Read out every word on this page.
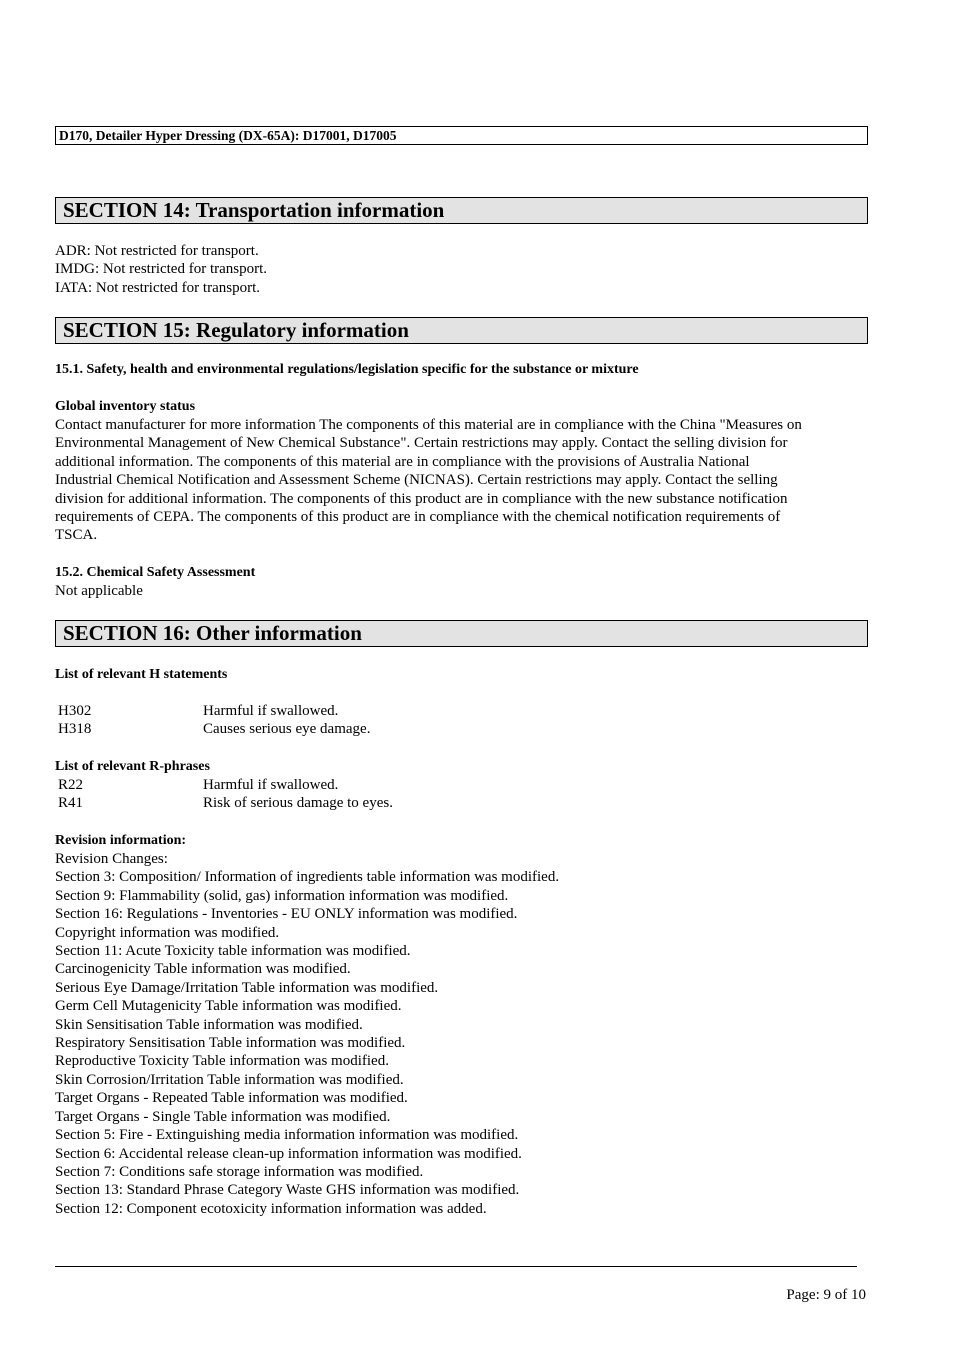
D170, Detailer Hyper Dressing (DX-65A): D17001, D17005
SECTION 14: Transportation information
ADR: Not restricted for transport.
IMDG: Not restricted for transport.
IATA: Not restricted for transport.
SECTION 15: Regulatory information
15.1. Safety, health and environmental regulations/legislation specific for the substance or mixture
Global inventory status
Contact manufacturer for more information The components of this material are in compliance with the China "Measures on
Environmental Management of New Chemical Substance". Certain restrictions may apply. Contact the selling division for
additional information. The components of this material are in compliance with the provisions of Australia National
Industrial Chemical Notification and Assessment Scheme (NICNAS). Certain restrictions may apply. Contact the selling
division for additional information. The components of this product are in compliance with the new substance notification
requirements of CEPA. The components of this product are in compliance with the chemical notification requirements of
TSCA.
15.2. Chemical Safety Assessment
Not applicable
SECTION 16: Other information
List of relevant H statements
H302	Harmful if swallowed.
H318	Causes serious eye damage.
List of relevant R-phrases
R22	Harmful if swallowed.
R41	Risk of serious damage to eyes.
Revision information:
Revision Changes:
Section 3: Composition/ Information of ingredients table information was modified.
Section 9: Flammability (solid, gas) information information was modified.
Section 16: Regulations - Inventories - EU ONLY information was modified.
Copyright information was modified.
Section 11: Acute Toxicity table information was modified.
Carcinogenicity Table information was modified.
Serious Eye Damage/Irritation Table information was modified.
Germ Cell Mutagenicity Table information was modified.
Skin Sensitisation Table information was modified.
Respiratory Sensitisation Table information was modified.
Reproductive Toxicity Table information was modified.
Skin Corrosion/Irritation Table information was modified.
Target Organs - Repeated Table information was modified.
Target Organs - Single Table information was modified.
Section 5: Fire - Extinguishing media information information was modified.
Section 6: Accidental release clean-up information information was modified.
Section 7: Conditions safe storage information was modified.
Section 13: Standard Phrase Category Waste GHS information was modified.
Section 12: Component ecotoxicity information information was added.
Page: 9 of 10
